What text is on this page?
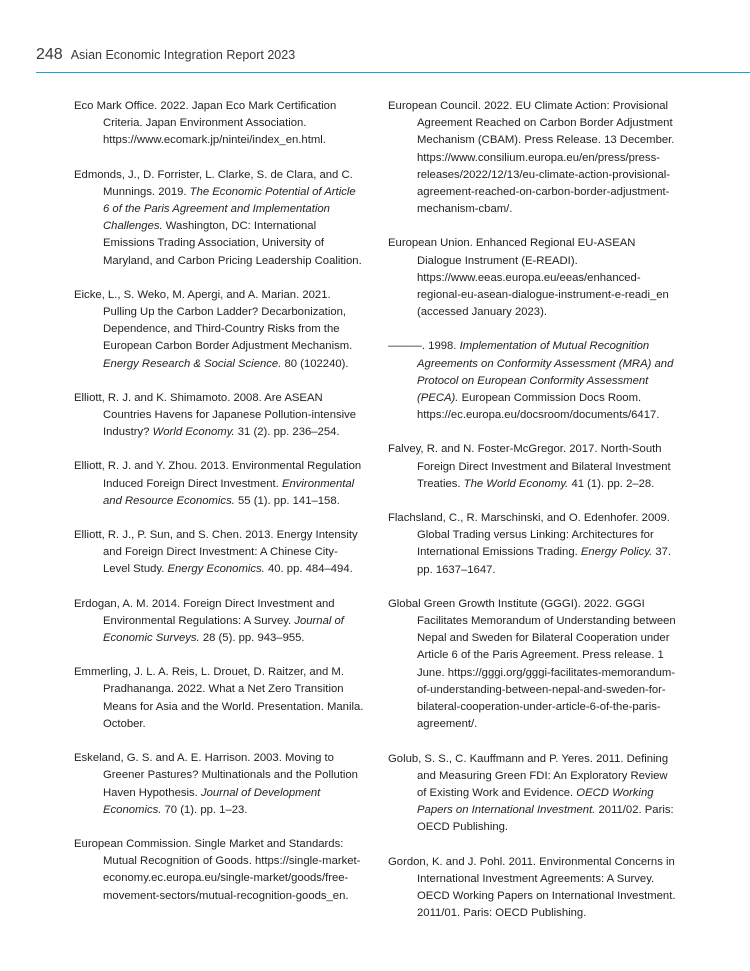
248 Asian Economic Integration Report 2023

Eco Mark Office. 2022. Japan Eco Mark Certification Criteria. Japan Environment Association. https://www.ecomark.jp/nintei/index_en.html.

Edmonds, J., D. Forrister, L. Clarke, S. de Clara, and C. Munnings. 2019. The Economic Potential of Article 6 of the Paris Agreement and Implementation Challenges. Washington, DC: International Emissions Trading Association, University of Maryland, and Carbon Pricing Leadership Coalition.

Eicke, L., S. Weko, M. Apergi, and A. Marian. 2021. Pulling Up the Carbon Ladder? Decarbonization, Dependence, and Third-Country Risks from the European Carbon Border Adjustment Mechanism. Energy Research & Social Science. 80 (102240).

Elliott, R. J. and K. Shimamoto. 2008. Are ASEAN Countries Havens for Japanese Pollution-intensive Industry? World Economy. 31 (2). pp. 236–254.

Elliott, R. J. and Y. Zhou. 2013. Environmental Regulation Induced Foreign Direct Investment. Environmental and Resource Economics. 55 (1). pp. 141–158.

Elliott, R. J., P. Sun, and S. Chen. 2013. Energy Intensity and Foreign Direct Investment: A Chinese City-Level Study. Energy Economics. 40. pp. 484–494.

Erdogan, A. M. 2014. Foreign Direct Investment and Environmental Regulations: A Survey. Journal of Economic Surveys. 28 (5). pp. 943–955.

Emmerling, J. L. A. Reis, L. Drouet, D. Raitzer, and M. Pradhananga. 2022. What a Net Zero Transition Means for Asia and the World. Presentation. Manila. October.

Eskeland, G. S. and A. E. Harrison. 2003. Moving to Greener Pastures? Multinationals and the Pollution Haven Hypothesis. Journal of Development Economics. 70 (1). pp. 1–23.

European Commission. Single Market and Standards: Mutual Recognition of Goods. https://single-market-economy.ec.europa.eu/single-market/goods/free-movement-sectors/mutual-recognition-goods_en.

European Council. 2022. EU Climate Action: Provisional Agreement Reached on Carbon Border Adjustment Mechanism (CBAM). Press Release. 13 December. https://www.consilium.europa.eu/en/press/press-releases/2022/12/13/eu-climate-action-provisional-agreement-reached-on-carbon-border-adjustment-mechanism-cbam/.

European Union. Enhanced Regional EU-ASEAN Dialogue Instrument (E-READI). https://www.eeas.europa.eu/eeas/enhanced-regional-eu-asean-dialogue-instrument-e-readi_en (accessed January 2023).

———. 1998. Implementation of Mutual Recognition Agreements on Conformity Assessment (MRA) and Protocol on European Conformity Assessment (PECA). European Commission Docs Room. https://ec.europa.eu/docsroom/documents/6417.

Falvey, R. and N. Foster-McGregor. 2017. North-South Foreign Direct Investment and Bilateral Investment Treaties. The World Economy. 41 (1). pp. 2–28.

Flachsland, C., R. Marschinski, and O. Edenhofer. 2009. Global Trading versus Linking: Architectures for International Emissions Trading. Energy Policy. 37. pp. 1637–1647.

Global Green Growth Institute (GGGI). 2022. GGGI Facilitates Memorandum of Understanding between Nepal and Sweden for Bilateral Cooperation under Article 6 of the Paris Agreement. Press release. 1 June. https://gggi.org/gggi-facilitates-memorandum-of-understanding-between-nepal-and-sweden-for-bilateral-cooperation-under-article-6-of-the-paris-agreement/.

Golub, S. S., C. Kauffmann and P. Yeres. 2011. Defining and Measuring Green FDI: An Exploratory Review of Existing Work and Evidence. OECD Working Papers on International Investment. 2011/02. Paris: OECD Publishing.

Gordon, K. and J. Pohl. 2011. Environmental Concerns in International Investment Agreements: A Survey. OECD Working Papers on International Investment. 2011/01. Paris: OECD Publishing.
